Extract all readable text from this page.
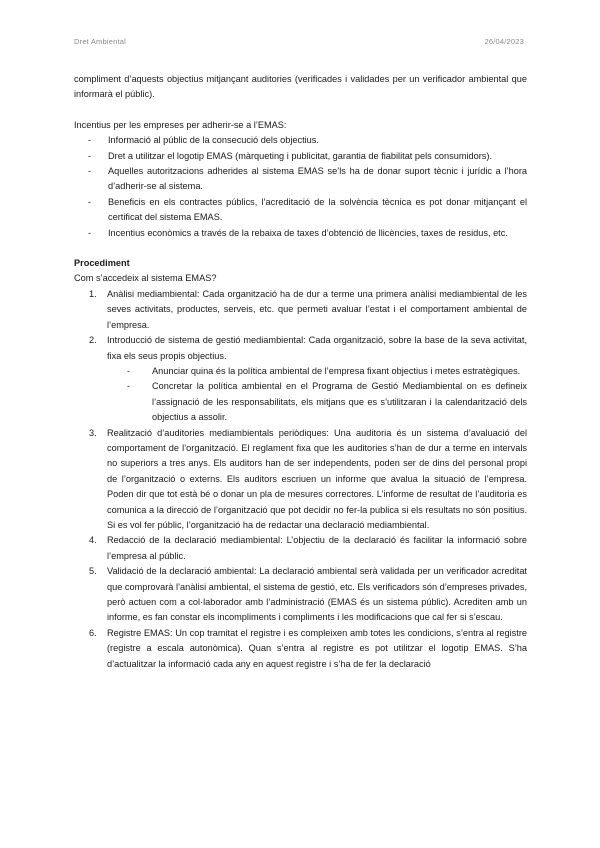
Dret Ambiental	26/04/2023

compliment d’aquests objectius mitjançant auditories (verificades i validades per un verificador ambiental que informarà el públic).

Incentius per les empreses per adherir-se a l’EMAS:

- Informació al públic de la consecució dels objectius.
- Dret a utilitzar el logotip EMAS (màrqueting i publicitat, garantia de fiabilitat pels consumidors).
- Aquelles autoritzacions adherides al sistema EMAS se’ls ha de donar suport tècnic i jurídic a l’hora d’adherir-se al sistema.
- Beneficis en els contractes públics, l’acreditació de la solvència tècnica es pot donar mitjançant el certificat del sistema EMAS.
- Incentius econòmics a través de la rebaixa de taxes d’obtenció de llicències, taxes de residus, etc.

Procediment

Com s’accedeix al sistema EMAS?

1. Anàlisi mediambiental: Cada organització ha de dur a terme una primera anàlisi mediambiental de les seves activitats, productes, serveis, etc. que permeti avaluar l’estat i el comportament ambiental de l’empresa.
2. Introducció de sistema de gestió mediambiental: Cada organització, sobre la base de la seva activitat, fixa els seus propis objectius.
- Anunciar quina és la política ambiental de l’empresa fixant objectius i metes estratègiques.
- Concretar la política ambiental en el Programa de Gestió Mediambiental on es defineix l’assignació de les responsabilitats, els mitjans que es s’utilitzaran i la calendarització dels objectius a assolir.
3. Realització d’auditories mediambientals periòdiques: Una auditoria és un sistema d’avaluació del comportament de l’organització. El reglament fixa que les auditories s’han de dur a terme en intervals no superiors a tres anys. Els auditors han de ser independents, poden ser de dins del personal propi de l’organització o externs. Els auditors escriuen un informe que avalua la situació de l’empresa. Poden dir que tot està bé o donar un pla de mesures correctores. L’informe de resultat de l’auditoria es comunica a la direcció de l’organització que pot decidir no fer-la publica si els resultats no són positius. Si es vol fer públic, l’organització ha de redactar una declaració mediambiental.
4. Redacció de la declaració mediambiental: L’objectiu de la declaració és facilitar la informació sobre l’empresa al públic.
5. Validació de la declaració ambiental: La declaració ambiental serà validada per un verificador acreditat que comprovarà l’anàlisi ambiental, el sistema de gestió, etc. Els verificadors són d’empreses privades, però actuen com a col·laborador amb l’administració (EMAS és un sistema públic). Acrediten amb un informe, es fan constar els incompliments i compliments i les modificacions que cal fer si s’escau.
6. Registre EMAS: Un cop tramitat el registre i es compleixen amb totes les condicions, s’entra al registre (registre a escala autonòmica). Quan s’entra al registre es pot utilitzar el logotip EMAS. S’ha d’actualitzar la informació cada any en aquest registre i s’ha de fer la declaració
